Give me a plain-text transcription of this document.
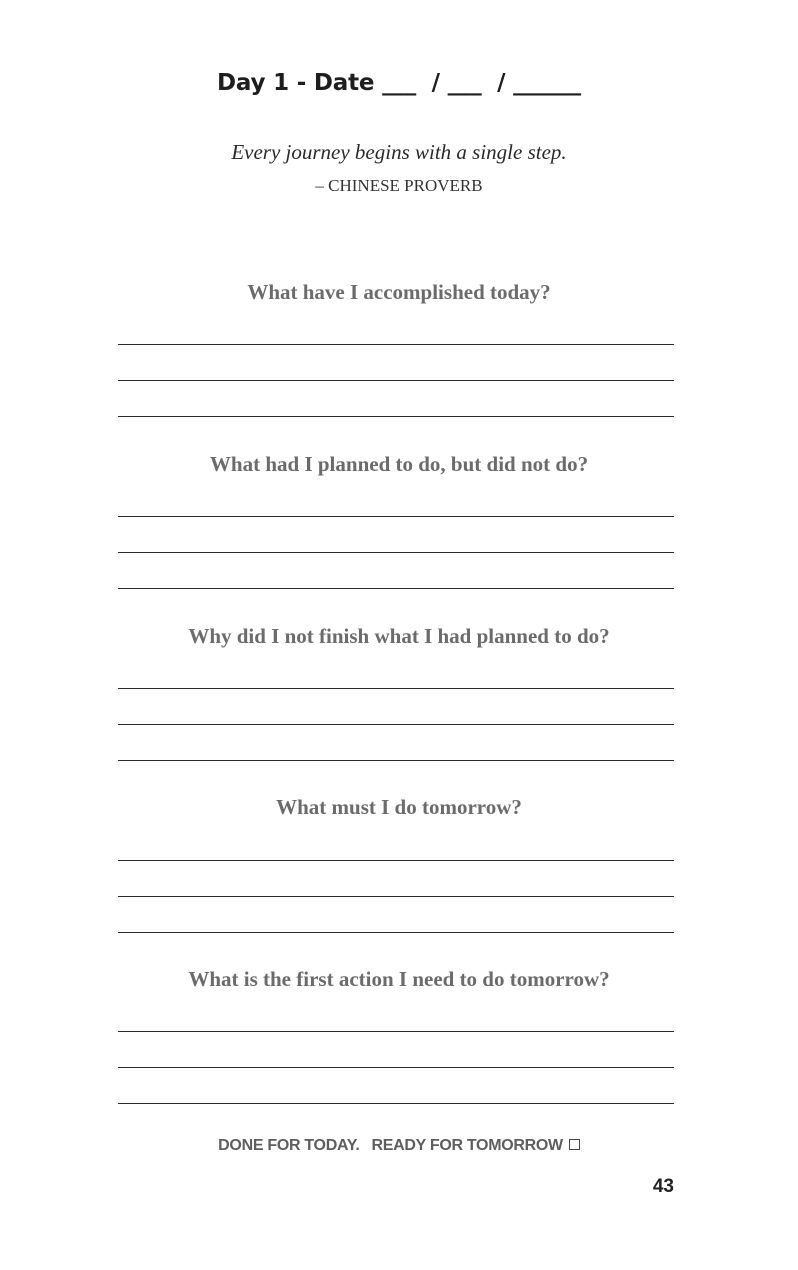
Day 1 - Date ___  / ___  / ______
Every journey begins with a single step.
– CHINESE PROVERB
What have I accomplished today?
What had I planned to do, but did not do?
Why did I not finish what I had planned to do?
What must I do tomorrow?
What is the first action I need to do tomorrow?
DONE FOR TODAY. READY FOR TOMORROW
43
